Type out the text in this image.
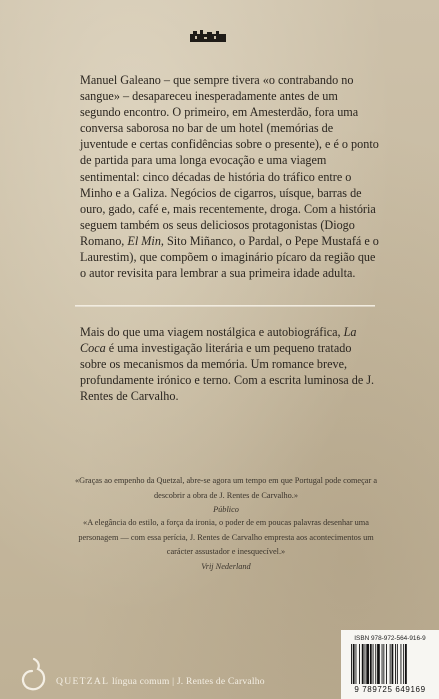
Manuel Galeano – que sempre tivera «o contrabando no sangue» – desapareceu inesperadamente antes de um segundo encontro. O primeiro, em Amesterdão, fora uma conversa saborosa no bar de um hotel (memórias de juventude e certas confidências sobre o presente), e é o ponto de partida para uma longa evocação e uma viagem sentimental: cinco décadas de história do tráfico entre o Minho e a Galiza. Negócios de cigarros, uísque, barras de ouro, gado, café e, mais recentemente, droga. Com a história seguem também os seus deliciosos protagonistas (Diogo Romano, El Min, Sito Miñanco, o Pardal, o Pepe Mustafá e o Laurestim), que compõem o imaginário pícaro da região que o autor revisita para lembrar a sua primeira idade adulta.

Mais do que uma viagem nostálgica e autobiográfica, La Coca é uma investigação literária e um pequeno tratado sobre os mecanismos da memória. Um romance breve, profundamente irónico e terno. Com a escrita luminosa de J. Rentes de Carvalho.

«Graças ao empenho da Quetzal, abre-se agora um tempo em que Portugal pode começar a descobrir a obra de J. Rentes de Carvalho.»
Público

«A elegância do estilo, a força da ironia, o poder de em poucas palavras desenhar uma personagem — com essa perícia, J. Rentes de Carvalho empresta aos acontecimentos um carácter assustador e inesquecível.»
Vrij Nederland

QUETZAL língua comum | J. Rentes de Carvalho
ISBN 978-972-564-916-9
9 789725 649169
